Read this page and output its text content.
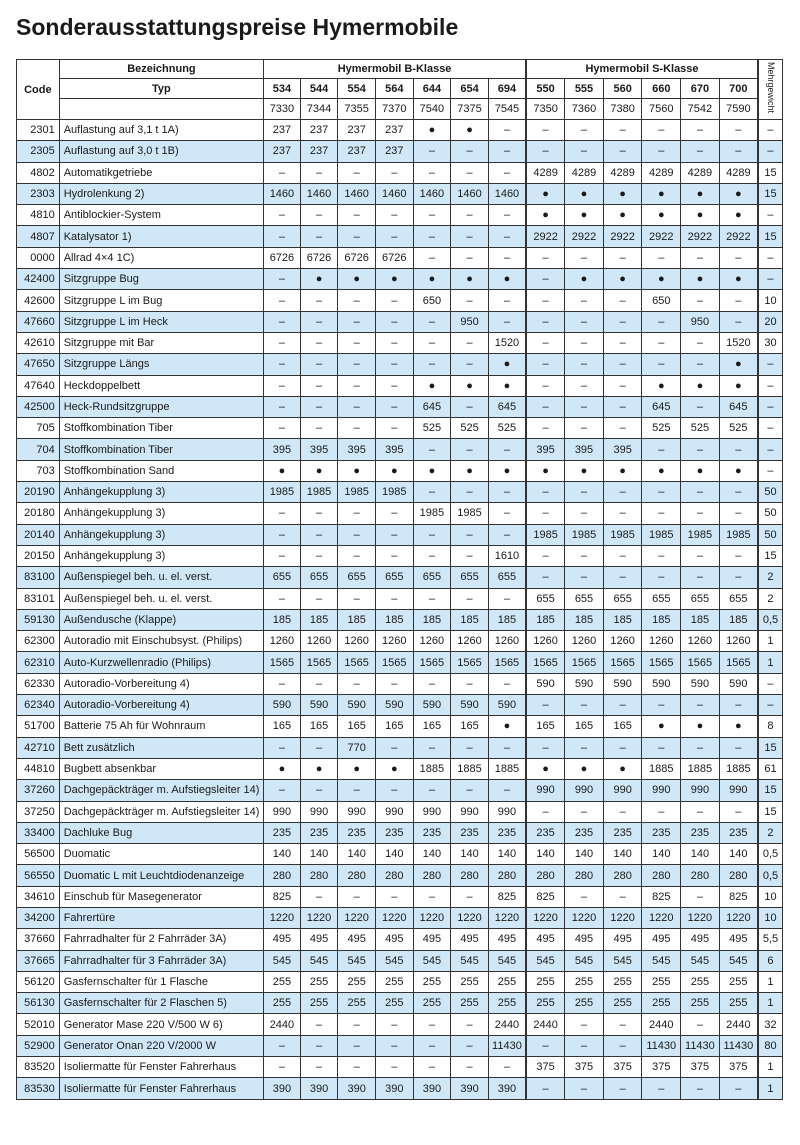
Sonderausstattungspreise Hymermobile
Code	Bezeichnung	Hymermobil B-Klasse							Hymermobil S-Klasse						Mehrgewicht
	Typ	534	544	554	564	644	654	694	550	555	560	660	670	700	
		7330	7344	7355	7370	7540	7375	7545	7350	7360	7380	7560	7542	7590	
2301	Auflastung auf 3,1 t 1A)	237	237	237	237	●	●	–	–	–	–	–	–	–	–
2305	Auflastung auf 3,0 t 1B)	237	237	237	237	–	–	–	–	–	–	–	–	–	–
4802	Automatikgetriebe	–	–	–	–	–	–	–	4289	4289	4289	4289	4289	4289	15
2303	Hydrolenkung 2)	1460	1460	1460	1460	1460	1460	1460	●	●	●	●	●	●	15
4810	Antiblockier-System	–	–	–	–	–	–	–	●	●	●	●	●	●	–
4807	Katalysator 1)	–	–	–	–	–	–	–	2922	2922	2922	2922	2922	2922	15
0000	Allrad 4×4 1C)	6726	6726	6726	6726	–	–	–	–	–	–	–	–	–	–
42400	Sitzgruppe Bug	–	●	●	●	●	●	●	–	●	●	●	●	●	–
42600	Sitzgruppe L im Bug	–	–	–	–	650	–	–	–	–	–	650	–	–	10
47660	Sitzgruppe L im Heck	–	–	–	–	–	950	–	–	–	–	–	950	–	20
42610	Sitzgruppe mit Bar	–	–	–	–	–	–	1520	–	–	–	–	–	1520	30
47650	Sitzgruppe Längs	–	–	–	–	–	–	●	–	–	–	–	–	●	–
47640	Heckdoppelbett	–	–	–	–	●	●	●	–	–	–	●	●	●	–
42500	Heck-Rundsitzgruppe	–	–	–	–	645	–	645	–	–	–	645	–	645	–
705	Stoffkombination Tiber	–	–	–	–	525	525	525	–	–	–	525	525	525	–
704	Stoffkombination Tiber	395	395	395	395	–	–	–	395	395	395	–	–	–	–
703	Stoffkombination Sand	●	●	●	●	●	●	●	●	●	●	●	●	●	–
20190	Anhängekupplung 3)	1985	1985	1985	1985	–	–	–	–	–	–	–	–	–	50
20180	Anhängekupplung 3)	–	–	–	–	1985	1985	–	–	–	–	–	–	–	50
20140	Anhängekupplung 3)	–	–	–	–	–	–	–	1985	1985	1985	1985	1985	1985	50
20150	Anhängekupplung 3)	–	–	–	–	–	–	1610	–	–	–	–	–	–	15
83100	Außenspiegel beh. u. el. verst.	655	655	655	655	655	655	655	–	–	–	–	–	–	2
83101	Außenspiegel beh. u. el. verst.	–	–	–	–	–	–	–	655	655	655	655	655	655	2
59130	Außendusche (Klappe)	185	185	185	185	185	185	185	185	185	185	185	185	185	0,5
62300	Autoradio mit Einschubsyst. (Philips)	1260	1260	1260	1260	1260	1260	1260	1260	1260	1260	1260	1260	1260	1
62310	Auto-Kurzwellenradio (Philips)	1565	1565	1565	1565	1565	1565	1565	1565	1565	1565	1565	1565	1565	1
62330	Autoradio-Vorbereitung 4)	–	–	–	–	–	–	–	590	590	590	590	590	590	–
62340	Autoradio-Vorbereitung 4)	590	590	590	590	590	590	590	–	–	–	–	–	–	–
51700	Batterie 75 Ah für Wohnraum	165	165	165	165	165	165	●	165	165	165	●	●	●	8
42710	Bett zusätzlich	–	–	770	–	–	–	–	–	–	–	–	–	–	15
44810	Bugbett absenkbar	●	●	●	●	1885	1885	1885	●	●	●	1885	1885	1885	61
37260	Dachgepäckträger m. Aufstiegsleiter 14)	–	–	–	–	–	–	–	990	990	990	990	990	990	15
37250	Dachgepäckträger m. Aufstiegsleiter 14)	990	990	990	990	990	990	990	–	–	–	–	–	–	15
33400	Dachluke Bug	235	235	235	235	235	235	235	235	235	235	235	235	235	2
56500	Duomatic	140	140	140	140	140	140	140	140	140	140	140	140	140	0,5
56550	Duomatic L mit Leuchtdiodenanzeige	280	280	280	280	280	280	280	280	280	280	280	280	280	0,5
34610	Einschub für Masegenerator	825	–	–	–	–	–	825	825	–	–	825	–	825	10
34200	Fahrertüre	1220	1220	1220	1220	1220	1220	1220	1220	1220	1220	1220	1220	1220	10
37660	Fahrradhalter für 2 Fahrräder 3A)	495	495	495	495	495	495	495	495	495	495	495	495	495	5,5
37665	Fahrradhalter für 3 Fahrräder 3A)	545	545	545	545	545	545	545	545	545	545	545	545	545	6
56120	Gasfernschalter für 1 Flasche	255	255	255	255	255	255	255	255	255	255	255	255	255	1
56130	Gasfernschalter für 2 Flaschen 5)	255	255	255	255	255	255	255	255	255	255	255	255	255	1
52010	Generator Mase 220 V/500 W 6)	2440	–	–	–	–	–	2440	2440	–	–	2440	–	2440	32
52900	Generator Onan 220 V/2000 W	–	–	–	–	–	–	11430	–	–	–	11430	11430	11430	80
83520	Isoliermatte für Fenster Fahrerhaus	–	–	–	–	–	–	–	375	375	375	375	375	375	1
83530	Isoliermatte für Fenster Fahrerhaus	390	390	390	390	390	390	390	–	–	–	–	–	–	1
